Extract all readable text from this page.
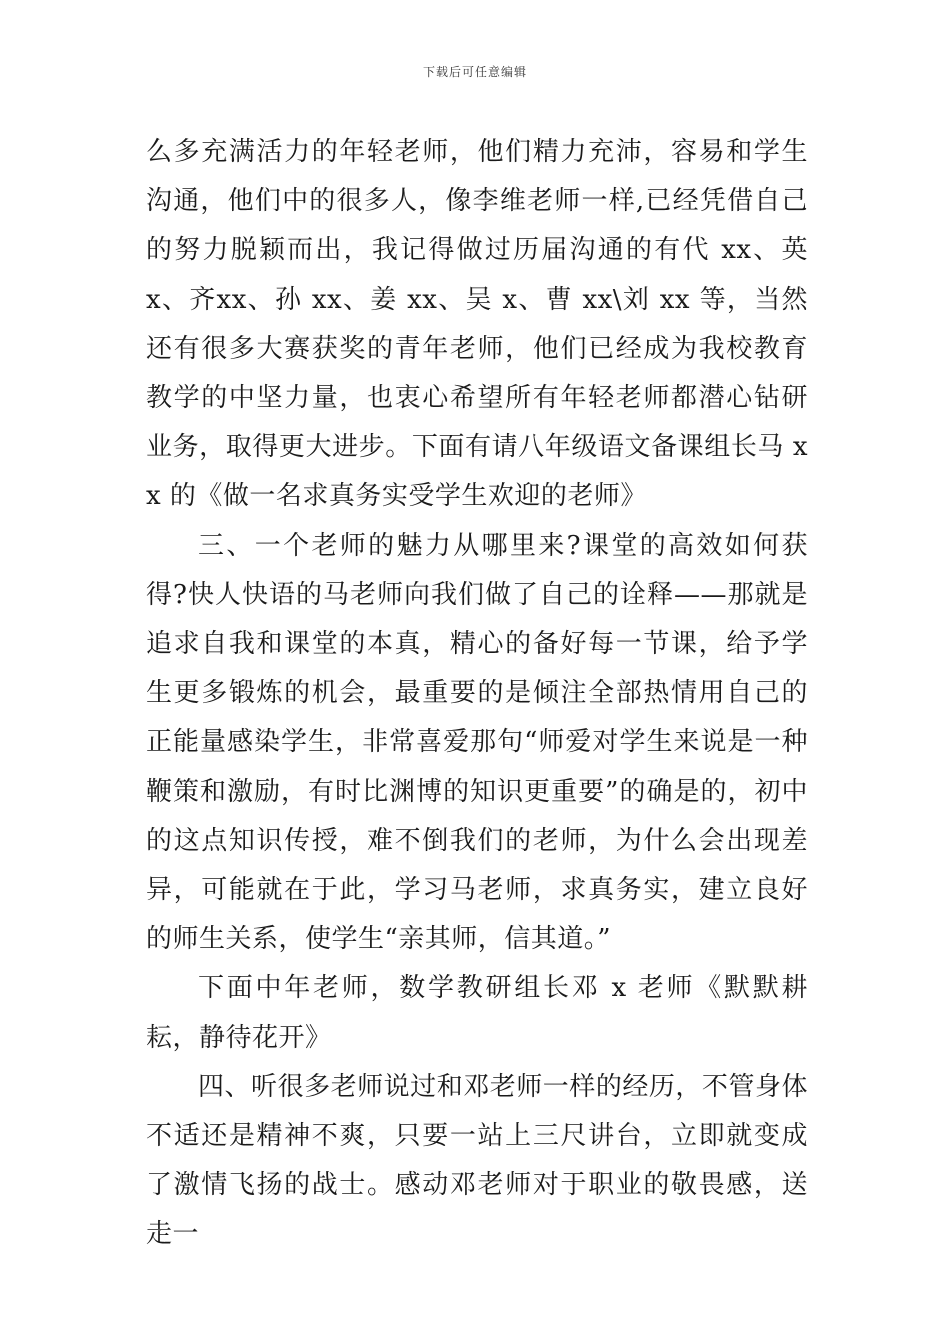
下载后可任意编辑

么多充满活力的年轻老师，他们精力充沛，容易和学生沟通，他们中的很多人，像李维老师一样,已经凭借自己的努力脱颖而出，我记得做过历届沟通的有代 xx、英 x、齐xx、孙 xx、姜 xx、吴 x、曹 xx\刘 xx 等，当然还有很多大赛获奖的青年老师，他们已经成为我校教育教学的中坚力量，也衷心希望所有年轻老师都潜心钻研业务，取得更大进步。下面有请八年级语文备课组长马 xx 的《做一名求真务实受学生欢迎的老师》

三、一个老师的魅力从哪里来?课堂的高效如何获得?快人快语的马老师向我们做了自己的诠释——那就是追求自我和课堂的本真，精心的备好每一节课，给予学生更多锻炼的机会，最重要的是倾注全部热情用自己的正能量感染学生，非常喜爱那句“师爱对学生来说是一种鞭策和激励，有时比渊博的知识更重要”的确是的，初中的这点知识传授，难不倒我们的老师，为什么会出现差异，可能就在于此，学习马老师，求真务实，建立良好的师生关系，使学生“亲其师，信其道。”

下面中年老师，数学教研组长邓 x 老师《默默耕耘，静待花开》

四、听很多老师说过和邓老师一样的经历，不管身体不适还是精神不爽，只要一站上三尺讲台，立即就变成了激情飞扬的战士。感动邓老师对于职业的敬畏感，送走一
